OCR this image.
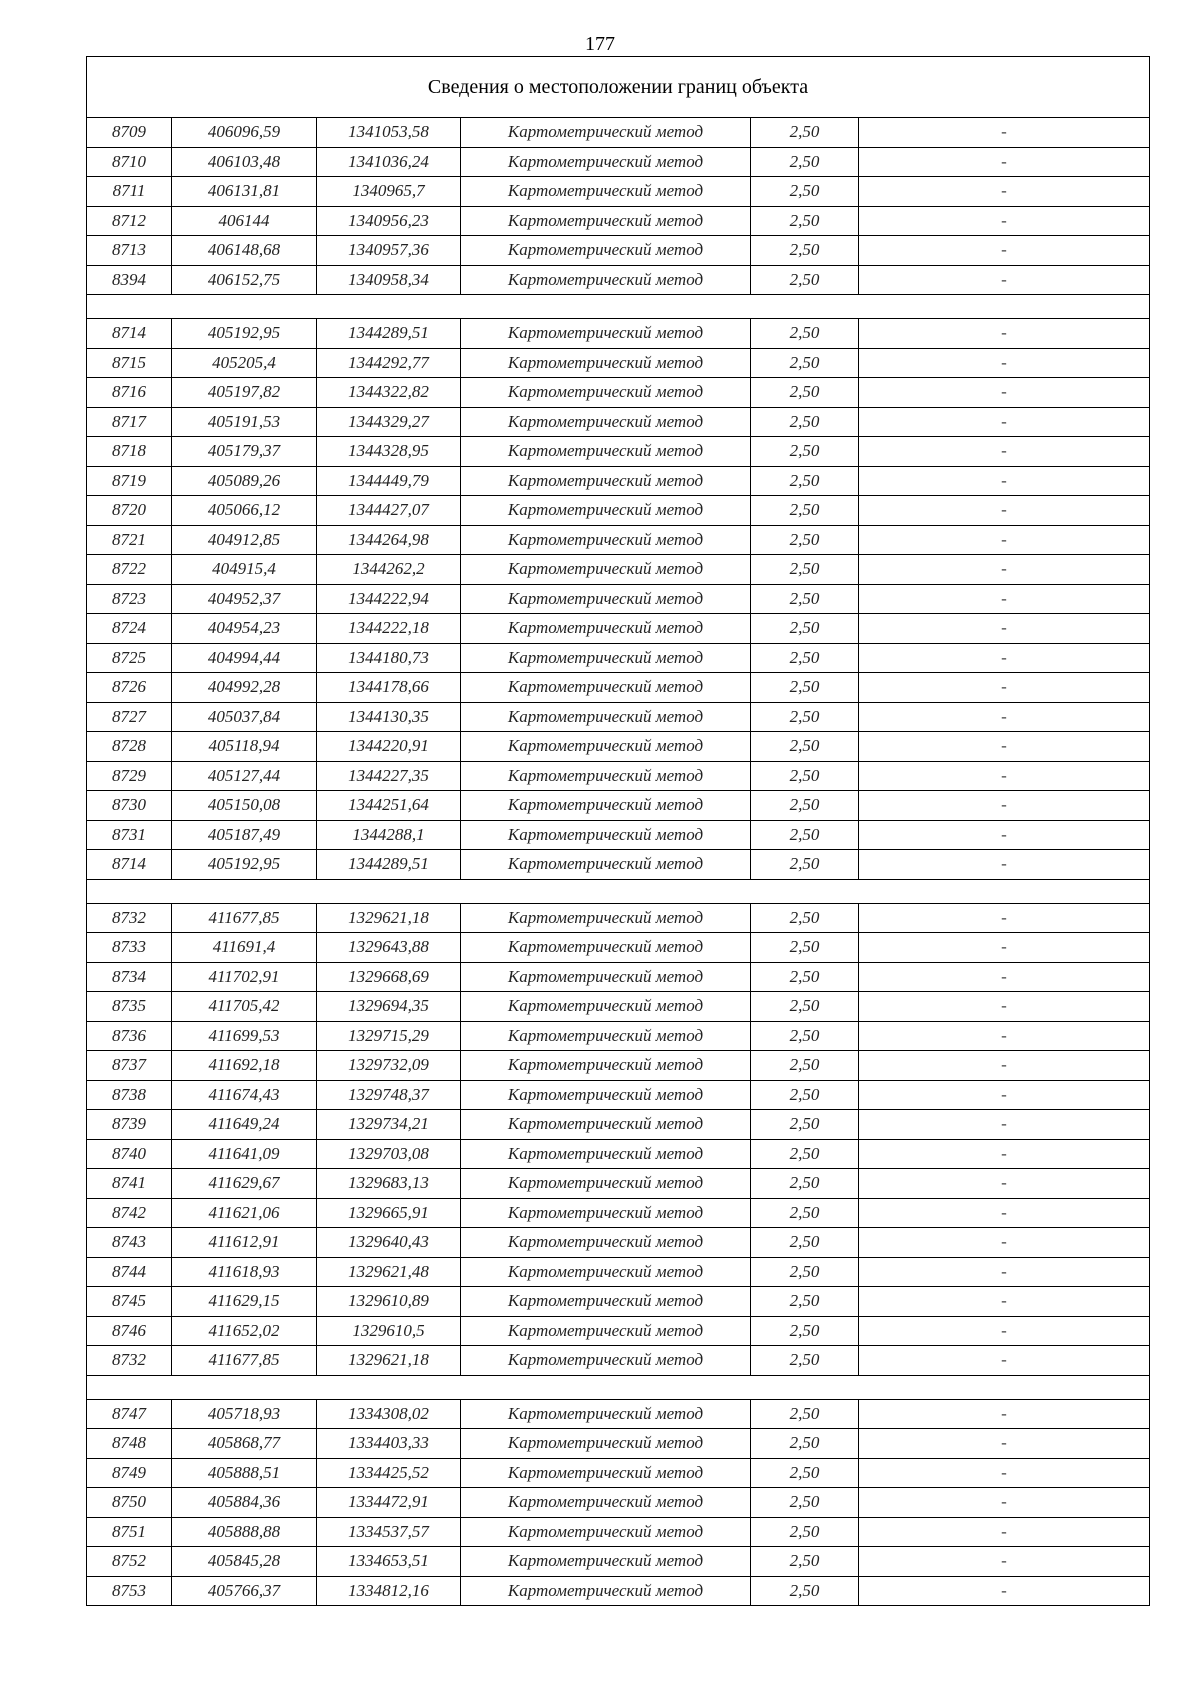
177
Сведения о местоположении границ объекта					
8709	406096,59	1341053,58	Картометрический метод	2,50	-
8710	406103,48	1341036,24	Картометрический метод	2,50	-
8711	406131,81	1340965,7	Картометрический метод	2,50	-
8712	406144	1340956,23	Картометрический метод	2,50	-
8713	406148,68	1340957,36	Картометрический метод	2,50	-
8394	406152,75	1340958,34	Картометрический метод	2,50	-

8714	405192,95	1344289,51	Картометрический метод	2,50	-
8715	405205,4	1344292,77	Картометрический метод	2,50	-
8716	405197,82	1344322,82	Картометрический метод	2,50	-
8717	405191,53	1344329,27	Картометрический метод	2,50	-
8718	405179,37	1344328,95	Картометрический метод	2,50	-
8719	405089,26	1344449,79	Картометрический метод	2,50	-
8720	405066,12	1344427,07	Картометрический метод	2,50	-
8721	404912,85	1344264,98	Картометрический метод	2,50	-
8722	404915,4	1344262,2	Картометрический метод	2,50	-
8723	404952,37	1344222,94	Картометрический метод	2,50	-
8724	404954,23	1344222,18	Картометрический метод	2,50	-
8725	404994,44	1344180,73	Картометрический метод	2,50	-
8726	404992,28	1344178,66	Картометрический метод	2,50	-
8727	405037,84	1344130,35	Картометрический метод	2,50	-
8728	405118,94	1344220,91	Картометрический метод	2,50	-
8729	405127,44	1344227,35	Картометрический метод	2,50	-
8730	405150,08	1344251,64	Картометрический метод	2,50	-
8731	405187,49	1344288,1	Картометрический метод	2,50	-
8714	405192,95	1344289,51	Картометрический метод	2,50	-

8732	411677,85	1329621,18	Картометрический метод	2,50	-
8733	411691,4	1329643,88	Картометрический метод	2,50	-
8734	411702,91	1329668,69	Картометрический метод	2,50	-
8735	411705,42	1329694,35	Картометрический метод	2,50	-
8736	411699,53	1329715,29	Картометрический метод	2,50	-
8737	411692,18	1329732,09	Картометрический метод	2,50	-
8738	411674,43	1329748,37	Картометрический метод	2,50	-
8739	411649,24	1329734,21	Картометрический метод	2,50	-
8740	411641,09	1329703,08	Картометрический метод	2,50	-
8741	411629,67	1329683,13	Картометрический метод	2,50	-
8742	411621,06	1329665,91	Картометрический метод	2,50	-
8743	411612,91	1329640,43	Картометрический метод	2,50	-
8744	411618,93	1329621,48	Картометрический метод	2,50	-
8745	411629,15	1329610,89	Картометрический метод	2,50	-
8746	411652,02	1329610,5	Картометрический метод	2,50	-
8732	411677,85	1329621,18	Картометрический метод	2,50	-

8747	405718,93	1334308,02	Картометрический метод	2,50	-
8748	405868,77	1334403,33	Картометрический метод	2,50	-
8749	405888,51	1334425,52	Картометрический метод	2,50	-
8750	405884,36	1334472,91	Картометрический метод	2,50	-
8751	405888,88	1334537,57	Картометрический метод	2,50	-
8752	405845,28	1334653,51	Картометрический метод	2,50	-
8753	405766,37	1334812,16	Картометрический метод	2,50	-
